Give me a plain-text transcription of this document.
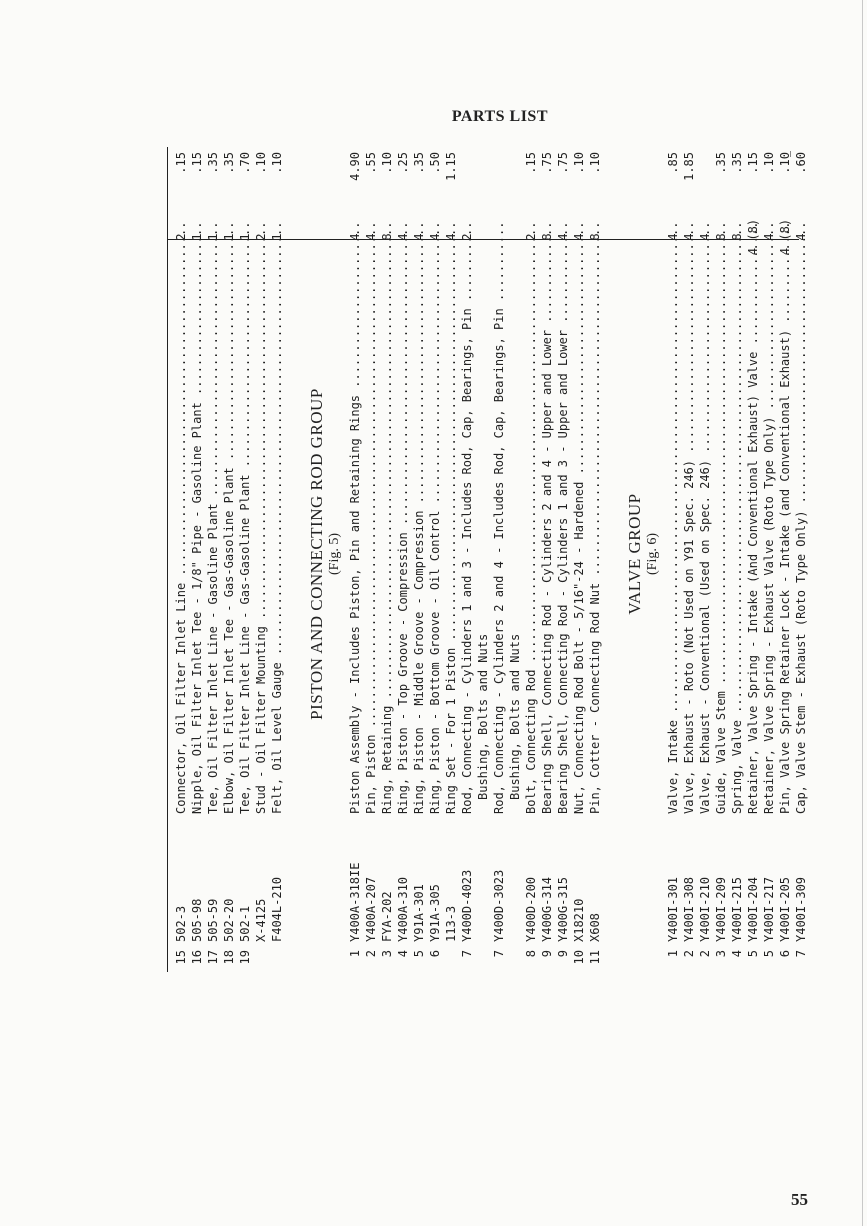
PARTS LIST
15
502-3
Connector, Oil Filter Inlet Line .....
2
.15
16
505-98
Nipple, Oil Filter Inlet Tee - 1/8" Pipe - Gasoline Plant .....
1
.15
17
505-59
Tee, Oil Filter Inlet Line - Gasoline Plant .....
1
.35
18
502-20
Elbow, Oil Filter Inlet Tee - Gas-Gasoline Plant .....
1
.35
19
502-1
Tee, Oil Filter Inlet Line - Gas-Gasoline Plant .....
1
.70
X-4125
Stud - Oil Filter Mounting .....
2
.10
F404L-210
Felt, Oil Level Gauge .....
1
.10
PISTON AND CONNECTING ROD GROUP (Fig. 5)
1
Y400A-318IE
Piston Assembly - Includes Piston, Pin and Retaining Rings .....
4
4.90
2
Y400A-207
Pin, Piston .....
4
.55
3
FYA-202
Ring, Retaining .....
8
.10
4
Y400A-310
Ring, Piston - Top Groove - Compression .....
4
.25
5
Y91A-301
Ring, Piston - Middle Groove - Compression .....
4
.35
6
Y91A-305
Ring, Piston - Bottom Groove - Oil Control .....
4
.50
113-3
Ring Set - For 1 Piston .....
4
1.15
7
Y400D-4023
Rod, Connecting - Cylinders 1 and 3 - Includes Rod, Cap, Bearings, Pin .....
2
Bushing, Bolts and Nuts
7
Y400D-3023
Rod, Connecting - Cylinders 2 and 4 - Includes Rod, Cap, Bearings, Pin ..... Bushing, Bolts and Nuts
8
Y400D-200
Bolt, Connecting Rod .....
2
.15
9
Y400G-314
Bearing Shell, Connecting Rod - Cylinders 2 and 4 - Upper and Lower .....
8
.75
9
Y400G-315
Bearing Shell, Connecting Rod - Cylinders 1 and 3 - Upper and Lower .....
4
.75
10
X18210
Nut, Connecting Rod Bolt - 5/16"-24 - Hardened .....
4
.10
11
X608
Pin, Cotter - Connecting Rod Nut .....
8
.10
VALVE GROUP (Fig. 6)
1
Y400I-301
Valve, Intake .....
4
.85
2
Y400I-308
Valve, Exhaust - Roto (Not Used on Y91 Spec. 246) .....
4
1.85
2
Y400I-210
Valve, Exhaust - Conventional (Used on Spec. 246) .....
4
3
Y400I-209
Guide, Valve Stem .....
8
.35
4
Y400I-215
Spring, Valve .....
8
.35
5
Y400I-204
Retainer, Valve Spring - Intake (And Conventional Exhaust) Valve .....
4 (8)
.15
5
Y400I-217
Retainer, Valve Spring - Exhaust Valve (Roto Type Only) .....
4
.10
6
Y400I-205
Pin, Valve Spring Retainer Lock - Intake (and Conventional Exhaust) .....
4 (8)
.10
7
Y400I-309
Cap, Valve Stem - Exhaust (Roto Type Only) .....
4
.60
55
